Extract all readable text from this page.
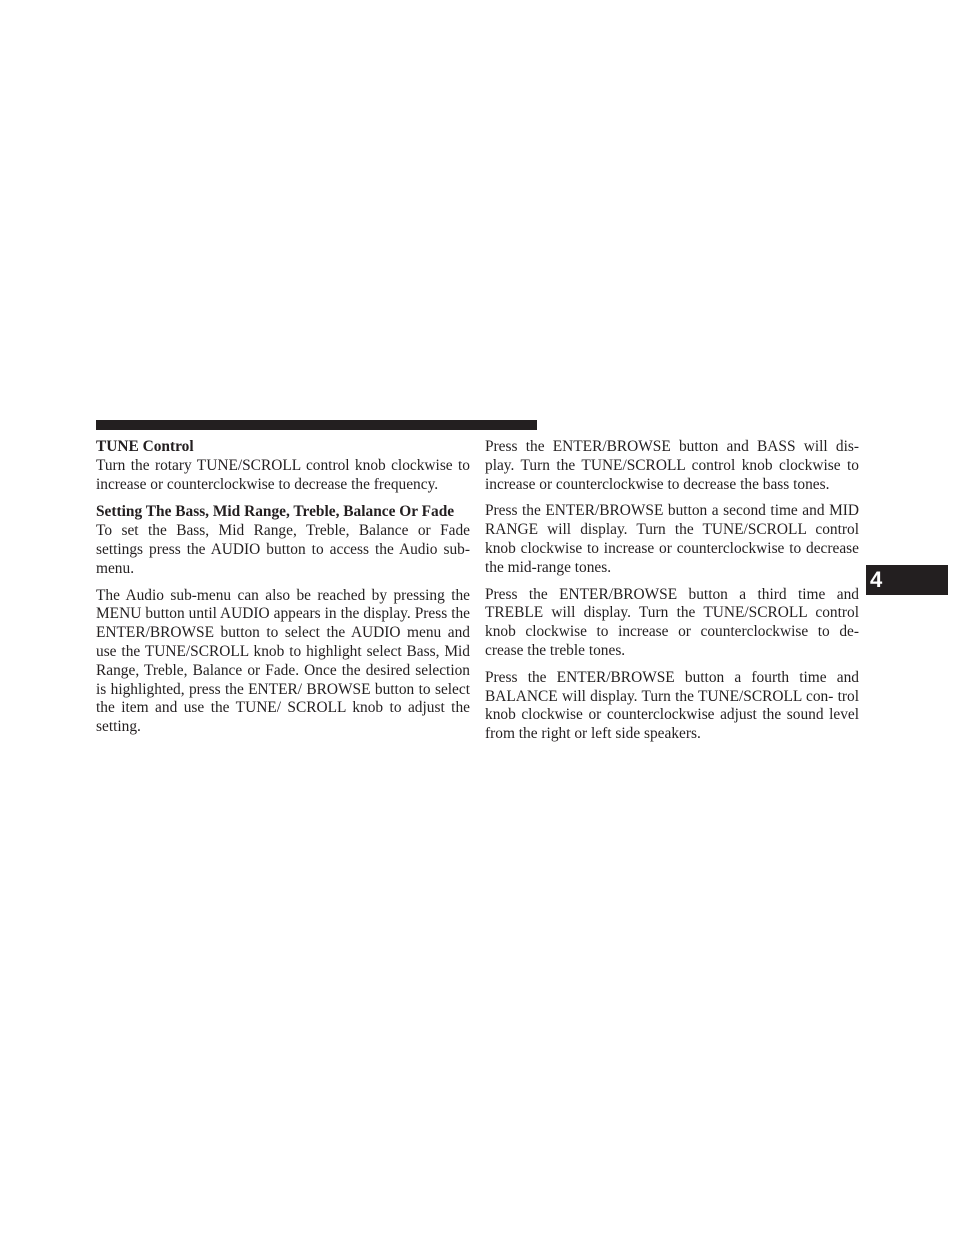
TUNE Control

Turn the rotary TUNE/SCROLL control knob clockwise to increase or counterclockwise to decrease the frequency.

Setting The Bass, Mid Range, Treble, Balance Or Fade

To set the Bass, Mid Range, Treble, Balance or Fade settings press the AUDIO button to access the Audio sub-menu.

The Audio sub-menu can also be reached by pressing the MENU button until AUDIO appears in the display. Press the ENTER/BROWSE button to select the AUDIO menu and use the TUNE/SCROLL knob to highlight select Bass, Mid Range, Treble, Balance or Fade. Once the desired selection is highlighted, press the ENTER/ BROWSE button to select the item and use the TUNE/ SCROLL knob to adjust the setting.

Press the ENTER/BROWSE button and BASS will dis- play. Turn the TUNE/SCROLL control knob clockwise to increase or counterclockwise to decrease the bass tones.

Press the ENTER/BROWSE button a second time and MID RANGE will display. Turn the TUNE/SCROLL control knob clockwise to increase or counterclockwise to decrease the mid-range tones.

Press the ENTER/BROWSE button a third time and TREBLE will display. Turn the TUNE/SCROLL control knob clockwise to increase or counterclockwise to de- crease the treble tones.

Press the ENTER/BROWSE button a fourth time and BALANCE will display. Turn the TUNE/SCROLL con- trol knob clockwise or counterclockwise adjust the sound level from the right or left side speakers.

4
